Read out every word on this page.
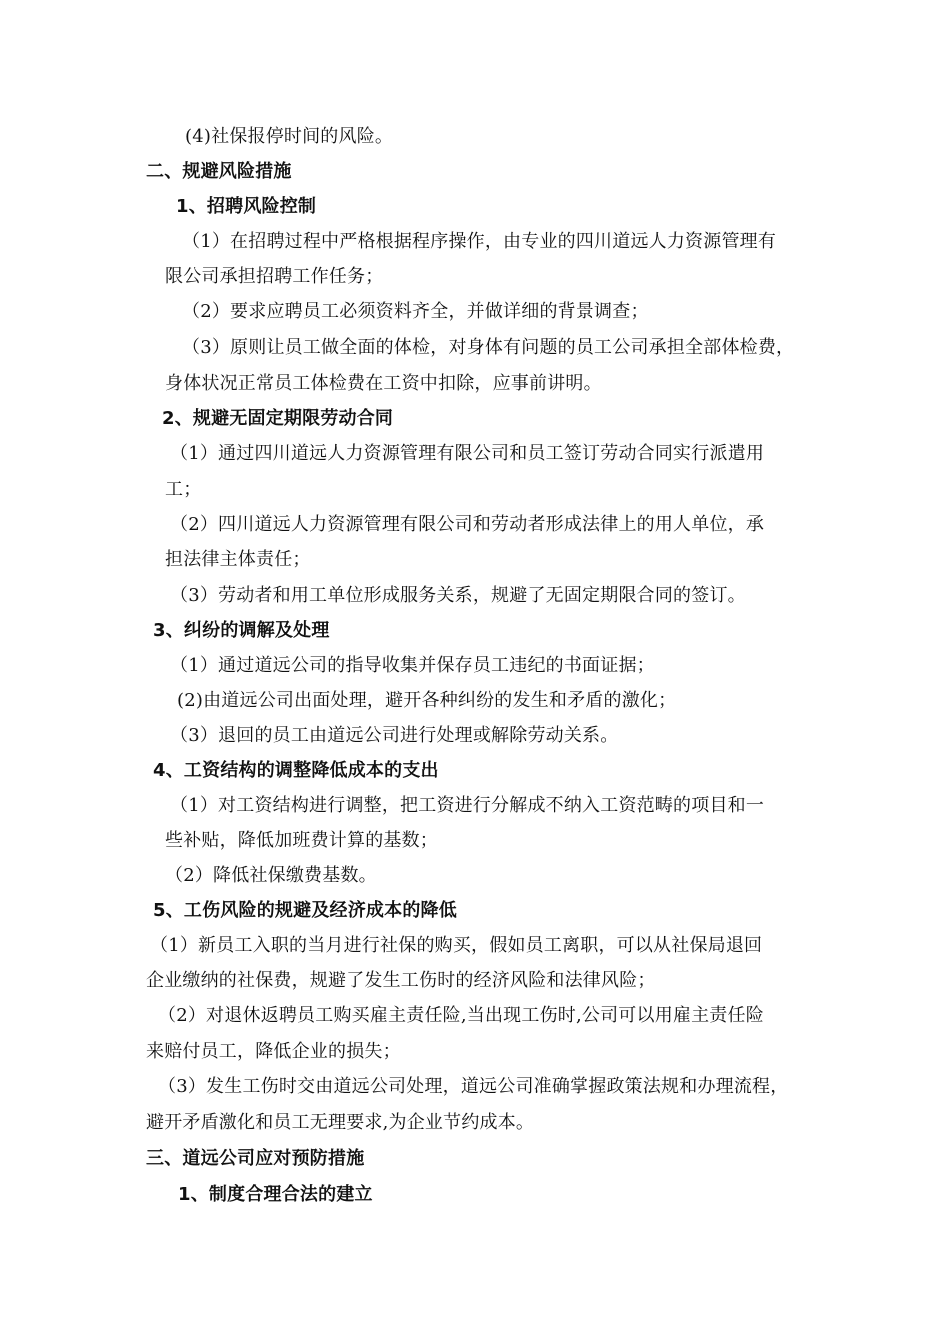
(4)社保报停时间的风险。
二、规避风险措施
1、招聘风险控制
（1）在招聘过程中严格根据程序操作，由专业的四川道远人力资源管理有
限公司承担招聘工作任务；
（2）要求应聘员工必须资料齐全，并做详细的背景调查；
（3）原则让员工做全面的体检，对身体有问题的员工公司承担全部体检费，
身体状况正常员工体检费在工资中扣除，应事前讲明。
2、规避无固定期限劳动合同
（1）通过四川道远人力资源管理有限公司和员工签订劳动合同实行派遣用
工；
（2）四川道远人力资源管理有限公司和劳动者形成法律上的用人单位，承
担法律主体责任；
（3）劳动者和用工单位形成服务关系，规避了无固定期限合同的签订。
3、纠纷的调解及处理
（1）通过道远公司的指导收集并保存员工违纪的书面证据；
(2)由道远公司出面处理，避开各种纠纷的发生和矛盾的激化；
（3）退回的员工由道远公司进行处理或解除劳动关系。
4、工资结构的调整降低成本的支出
（1）对工资结构进行调整，把工资进行分解成不纳入工资范畴的项目和一
些补贴，降低加班费计算的基数；
（2）降低社保缴费基数。
5、工伤风险的规避及经济成本的降低
（1）新员工入职的当月进行社保的购买，假如员工离职，可以从社保局退回
企业缴纳的社保费，规避了发生工伤时的经济风险和法律风险；
（2）对退休返聘员工购买雇主责任险,当出现工伤时,公司可以用雇主责任险
来赔付员工，降低企业的损失；
（3）发生工伤时交由道远公司处理，道远公司准确掌握政策法规和办理流程，
避开矛盾激化和员工无理要求,为企业节约成本。
三、道远公司应对预防措施
1、制度合理合法的建立
